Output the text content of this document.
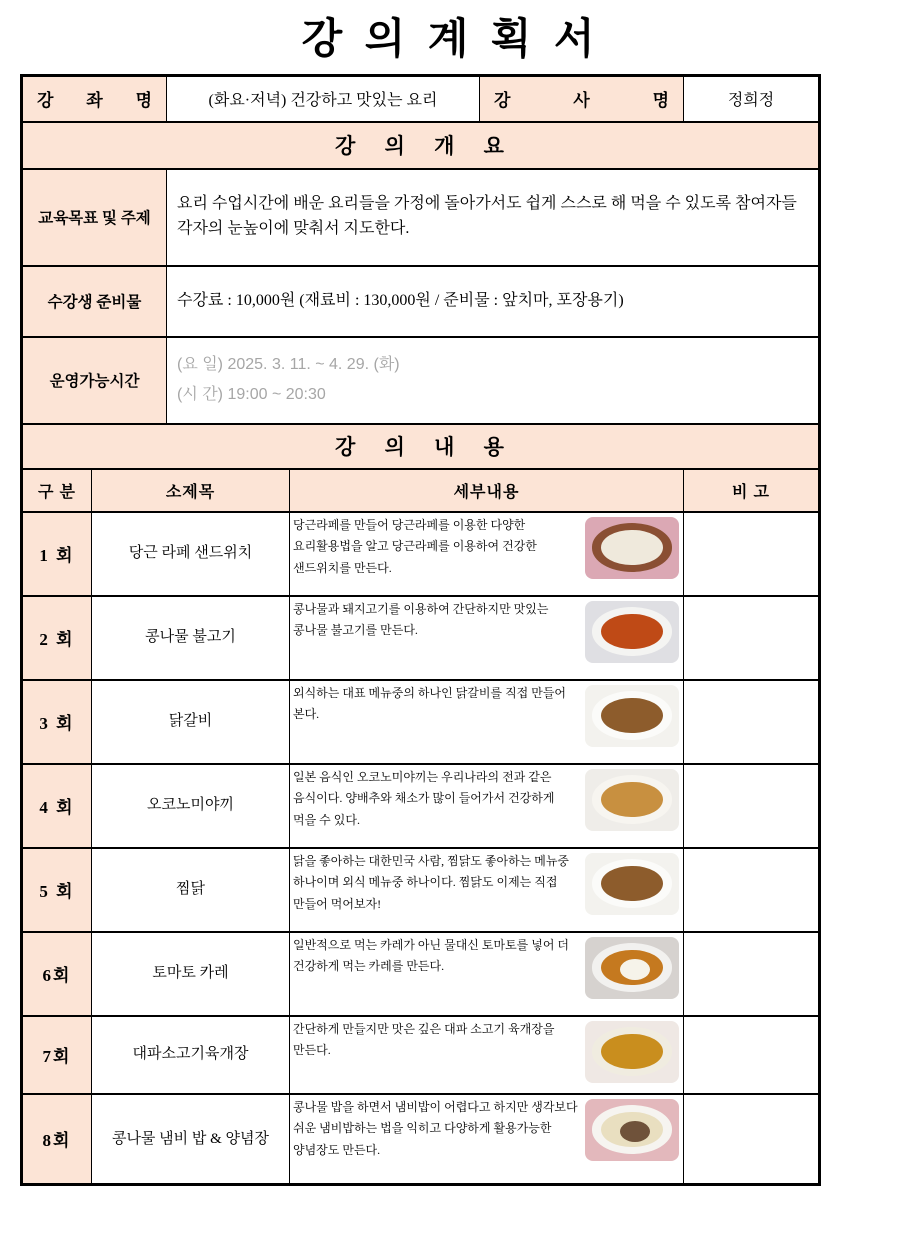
강 의 계 획 서
강 좌 명		(화요·저녁) 건강하고 맛있는 요리		강 사 명	정희정
강 의 개 요					
교육목표 및 주제		요리 수업시간에 배운 요리들을 가정에 돌아가서도 쉽게 스스로 해 먹을 수 있도록 참여자들 각자의 눈높이에 맞춰서 지도한다.			
수강생 준비물		수강료 : 10,000원 (재료비 : 130,000원 / 준비물 : 앞치마, 포장용기)			
운영가능시간		(요 일) 2025. 3. 11. ~ 4. 29. (화)
(시 간) 19:00 ~ 20:30			

강 의 내 용					
구 분	소제목		세부내용		비 고
1 회	당근 라페 샌드위치		당근라페를 만들어 당근라페를 이용한 다양한 요리활용법을 알고 당근라페를 이용하여 건강한 샌드위치를 만든다.		
2 회	콩나물 불고기		콩나물과 돼지고기를 이용하여 간단하지만 맛있는 콩나물 불고기를 만든다.		
3 회	닭갈비		외식하는 대표 메뉴중의 하나인 닭갈비를 직접 만들어 본다.		
4 회	오코노미야끼		일본 음식인 오코노미야끼는 우리나라의 전과 같은 음식이다. 양배추와 채소가 많이 들어가서 건강하게 먹을 수 있다.		
5 회	찜닭		닭을 좋아하는 대한민국 사람, 찜닭도 좋아하는 메뉴중 하나이며 외식 메뉴중 하나이다. 찜닭도 이제는 직접 만들어 먹어보자!		
6회	토마토 카레		일반적으로 먹는 카레가 아닌 물대신 토마토를 넣어 더 건강하게 먹는 카레를 만든다.		
7회	대파소고기육개장		간단하게 만들지만 맛은 깊은 대파 소고기 육개장을 만든다.		
8회	콩나물 냄비 밥 & 양념장		콩나물 밥을 하면서 냄비밥이 어렵다고 하지만 생각보다 쉬운 냄비밥하는 법을 익히고 다양하게 활용가능한 양념장도 만든다.		
